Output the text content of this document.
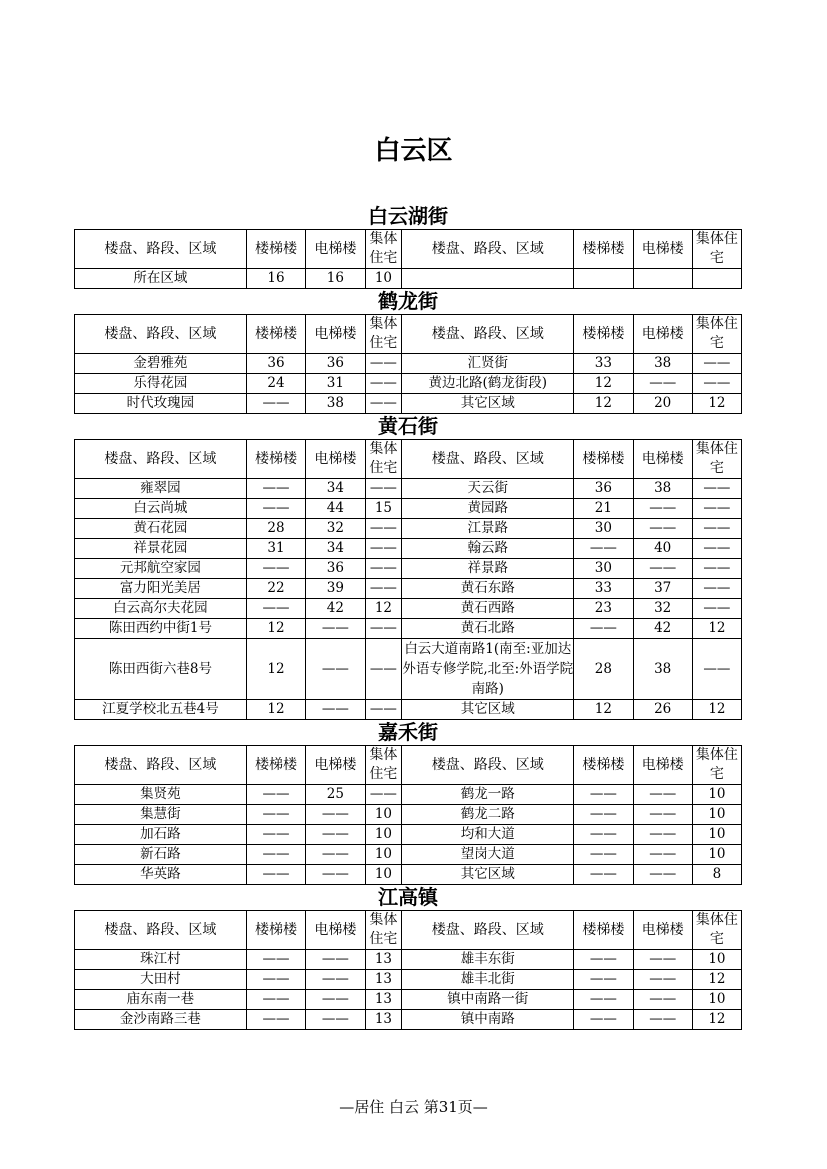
白云区
白云湖街
楼盘、路段、区域	楼梯楼	电梯楼	集体住宅	楼盘、路段、区域	楼梯楼	电梯楼	集体住宅
所在区域	16	16	10				
鹤龙街
楼盘、路段、区域	楼梯楼	电梯楼	集体住宅	楼盘、路段、区域	楼梯楼	电梯楼	集体住宅
金碧雅苑	36	36	——	汇贤街	33	38	——
乐得花园	24	31	——	黄边北路(鹤龙街段)	12	——	——
时代玫瑰园	——	38	——	其它区域	12	20	12
黄石街
楼盘、路段、区域	楼梯楼	电梯楼	集体住宅	楼盘、路段、区域	楼梯楼	电梯楼	集体住宅
雍翠园	——	34	——	天云街	36	38	——
白云尚城	——	44	15	黄园路	21	——	——
黄石花园	28	32	——	江景路	30	——	——
祥景花园	31	34	——	翰云路	——	40	——
元邦航空家园	——	36	——	祥景路	30	——	——
富力阳光美居	22	39	——	黄石东路	33	37	——
白云高尔夫花园	——	42	12	黄石西路	23	32	——
陈田西约中街1号	12	——	——	黄石北路	——	42	12
陈田西街六巷8号	12	——	——	白云大道南路1(南至:亚加达外语专修学院,北至:外语学院南路)	28	38	——
江夏学校北五巷4号	12	——	——	其它区域	12	26	12
嘉禾街
楼盘、路段、区域	楼梯楼	电梯楼	集体住宅	楼盘、路段、区域	楼梯楼	电梯楼	集体住宅
集贤苑	——	25	——	鹤龙一路	——	——	10
集慧街	——	——	10	鹤龙二路	——	——	10
加石路	——	——	10	均和大道	——	——	10
新石路	——	——	10	望岗大道	——	——	10
华英路	——	——	10	其它区域	——	——	8
江高镇
楼盘、路段、区域	楼梯楼	电梯楼	集体住宅	楼盘、路段、区域	楼梯楼	电梯楼	集体住宅
珠江村	——	——	13	雄丰东街	——	——	10
大田村	——	——	13	雄丰北街	——	——	12
庙东南一巷	——	——	13	镇中南路一街	——	——	10
金沙南路三巷	——	——	13	镇中南路	——	——	12
—居住 白云 第31页—
